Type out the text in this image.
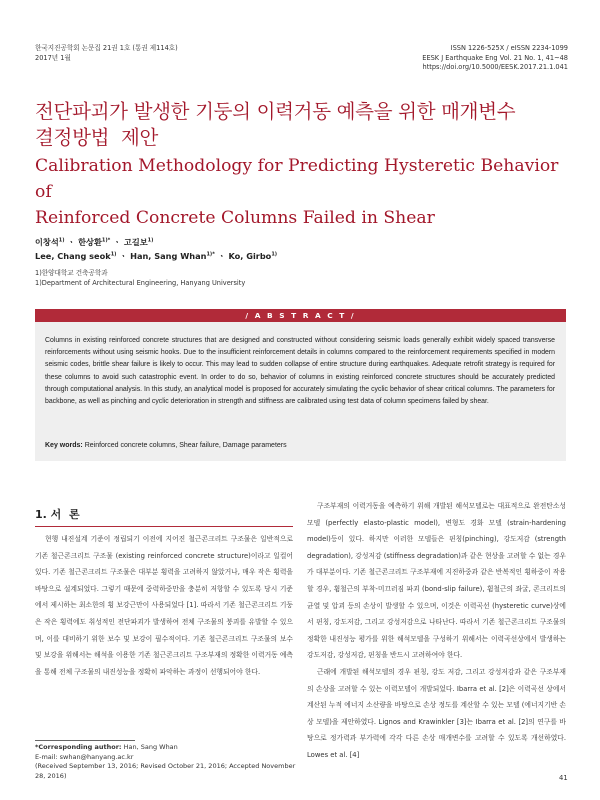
한국지진공학회 논문집 21권 1호 (통권 제114호)
2017년 1월
ISSN 1226-525X / eISSN 2234-1099
EESK J Earthquake Eng Vol. 21 No. 1, 41~48
https://doi.org/10.5000/EESK.2017.21.1.041
전단파괴가 발생한 기둥의 이력거동 예측을 위한 매개변수
결정방법  제안
Calibration Methodology for Predicting Hysteretic Behavior of
Reinforced Concrete Columns Failed in Shear
이창석$^{1)}$ ㆍ 한상환$^{1)*}$ ㆍ 고길보$^{1)}$
Lee, Chang seok$^{1)}$ ㆍ Han, Sang Whan$^{1)*}$ ㆍ Ko, Girbo$^{1)}$
1)한양대학교 건축공학과
1)Department of Architectural Engineering, Hanyang University
/ A B S T R A C T /
Columns in existing reinforced concrete structures that are designed and constructed without considering seismic loads generally exhibit widely spaced transverse reinforcements without using seismic hooks. Due to the insufficient reinforcement details in columns compared to the reinforcement requirements specified in modern seismic codes, brittle shear failure is likely to occur. This may lead to sudden collapse of entire structure during earthquakes. Adequate retrofit strategy is required for these columns to avoid such catastrophic event. In order to do so, behavior of columns in existing reinforced concrete structures should be accurately predicted through computational analysis. In this study, an analytical model is proposed for accurately simulating the cyclic behavior of shear critical columns. The parameters for backbone, as well as pinching and cyclic deterioration in strength and stiffness are calibrated using test data of column specimens failed by shear.
Key words: Reinforced concrete columns, Shear failure, Damage parameters
1. 서  론

현행 내진설계 기준이 정립되기 이전에 지어진 철근콘크리트 구조물은 일반적으로 기존 철근콘크리트 구조물 (existing reinforced concrete structure)이라고 일컬어 있다. 기존 철근콘크리트 구조물은 대부분 횡력을 고려하지 않았거나, 매우 작은 횡력을 바탕으로 설계되었다. 그렇기 때문에 중력하중만을 충분히 저항할 수 있도록 당시 기준에서 제시하는 최소한의 횡 보강근만이 사용되었다 [1]. 따라서 기존 철근콘크리트 기둥은 작은 횡력에도 취성적인 전단파괴가 발생하여 전체 구조물의 붕괴를 유발할 수 있으며, 이를 대비하기 위한 보수 및 보강이 필수적이다. 기존 철근콘크리트 구조물의 보수 및 보강을 위해서는 해석을 이용한 기존 철근콘크리트 구조부재의 정확한 이력거동 예측을 통해 전체 구조물의 내진성능을 정확히 파악하는 과정이 선행되어야 한다.

구조부재의 이력거동을 예측하기 위해 개발된 해석모델로는 대표적으로 완전탄소성 모델 (perfectly elasto-plastic model), 변형도 경화 모델 (strain-hardening model)등이 있다. 하지만 이러한 모델들은 핀칭(pinching), 강도저감 (strength degradation), 강성저감 (stiffness degradation)과 같은 현상을 고려할 수 없는 경우가 대부분이다. 기존 철근콘크리트 구조부재에 지진하중과 같은 반복적인 횡하중이 작용할 경우, 휨철근의 부착-미끄러짐 파괴 (bond-slip failure), 휨철근의 좌굴, 콘크리트의 균열 및 압괴 등의 손상이 발생할 수 있으며, 이것은 이력곡선 (hysteretic curve)상에서 핀칭, 강도저감, 그리고 강성저감으로 나타난다. 따라서 기존 철근콘크리트 구조물의 정확한 내진성능 평가를 위한 해석모델을 구성하기 위해서는 이력곡선상에서 발생하는 강도저감, 강성저감, 핀칭을 반드시 고려하여야 한다.

근래에 개발된 해석모델의 경우 핀칭, 강도 저감, 그리고 강성저감과 같은 구조부재의 손상을 고려할 수 있는 이력모델이 개발되었다. Ibarra et al. [2]은 이력곡선 상에서 계산된 누적 에너지 소산량을 바탕으로 손상 정도를 계산할 수 있는 모델 (에너지기반 손상 모델)을 제안하였다. Lignos and Krawinkler [3]는 Ibarra et al. [2]의 연구를 바탕으로 정가력과 부가력에 각각 다른 손상 매개변수를 고려할 수 있도록 개선하였다. Lowes et al. [4]

*Corresponding author: Han, Sang Whan
E-mail: swhan@hanyang.ac.kr
(Received September 13, 2016; Revised October 21, 2016; Accepted November 28, 2016)	41
